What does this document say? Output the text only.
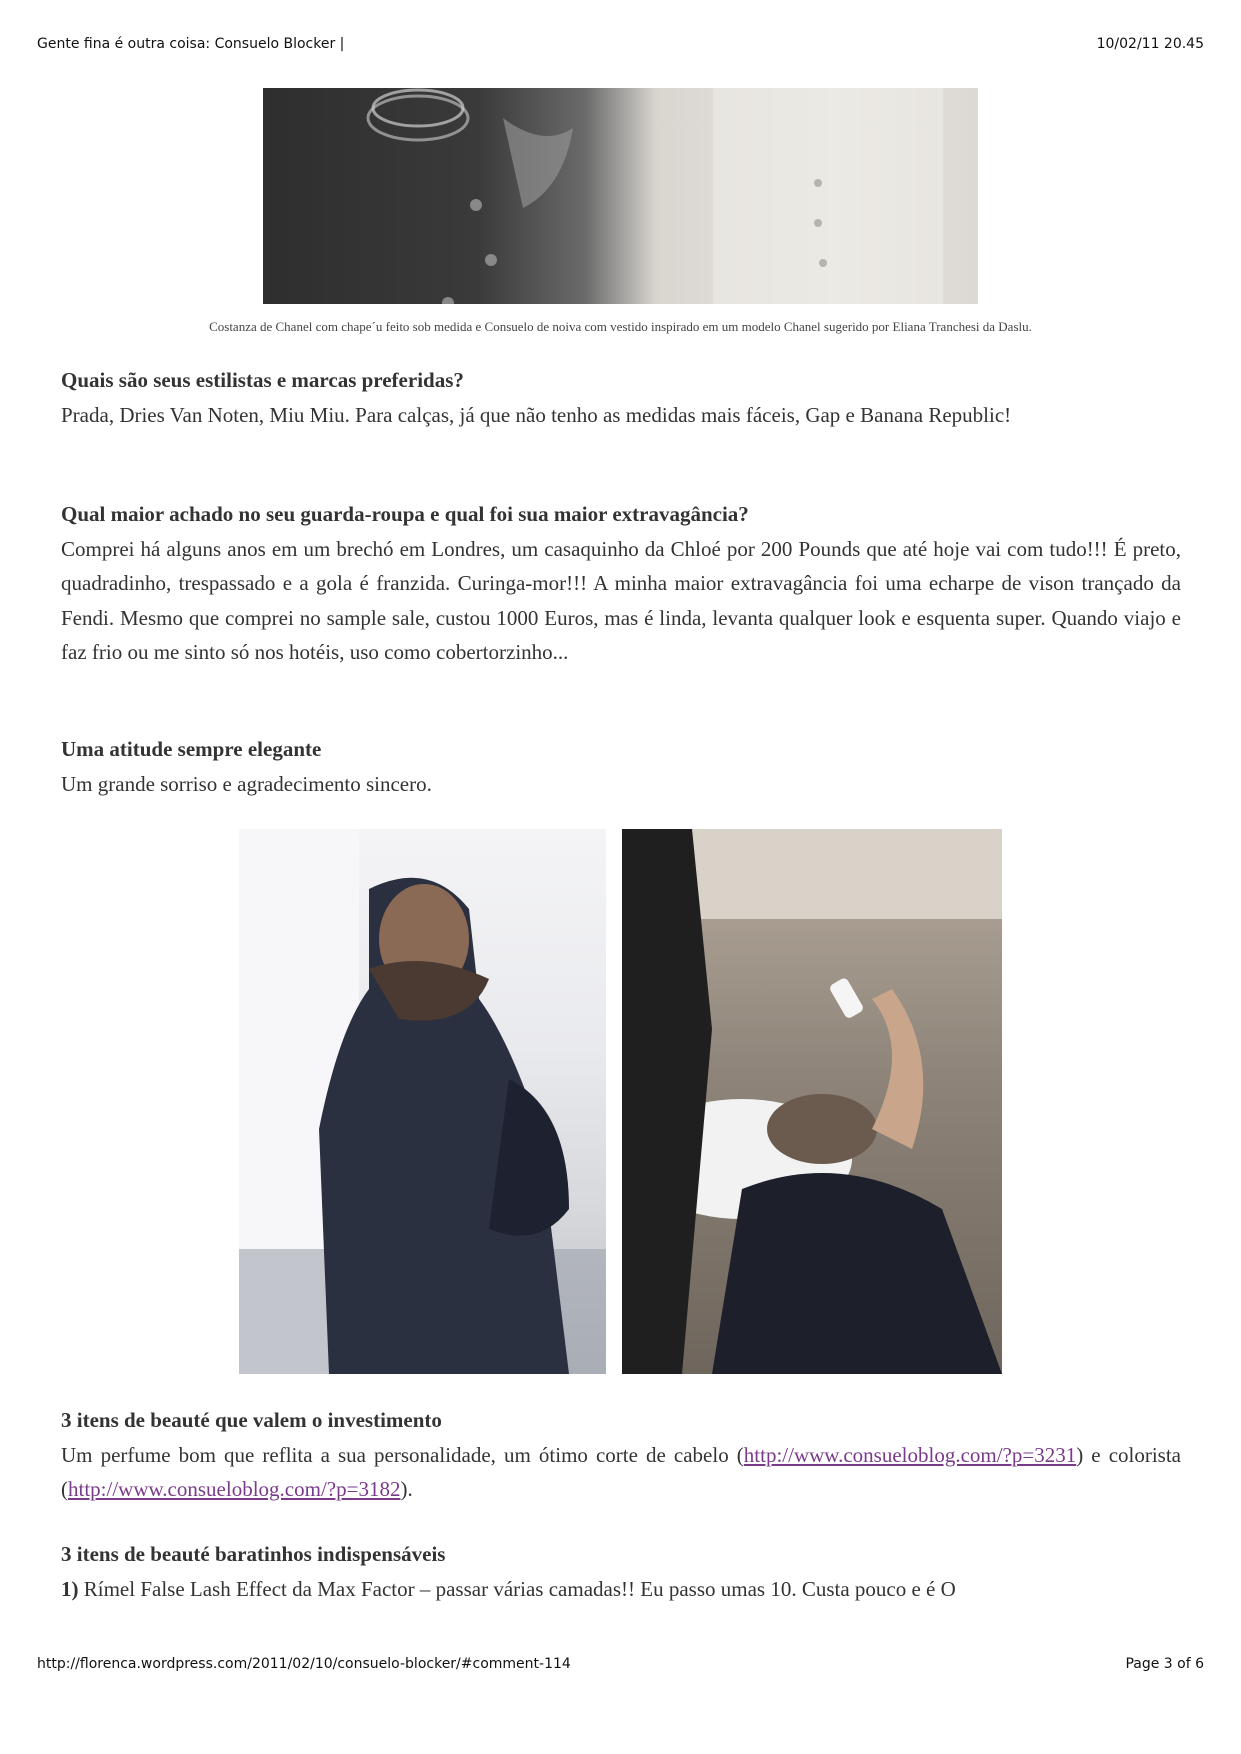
Gente fina é outra coisa: Consuelo Blocker |	10/02/11 20.45
Costanza de Chanel com chape´u feito sob medida e Consuelo de noiva com vestido inspirado em um modelo Chanel sugerido por Eliana Tranchesi da Daslu.

Quais são seus estilistas e marcas preferidas?

Prada, Dries Van Noten, Miu Miu. Para calças, já que não tenho as medidas mais fáceis, Gap e Banana Republic!

Qual maior achado no seu guarda-roupa e qual foi sua maior extravagância?

Comprei há alguns anos em um brechó em Londres, um casaquinho da Chloé por 200 Pounds que até hoje vai com tudo!!! É preto, quadradinho, trespassado e a gola é franzida. Curinga-mor!!! A minha maior extravagância foi uma echarpe de vison trançado da Fendi. Mesmo que comprei no sample sale, custou 1000 Euros, mas é linda, levanta qualquer look e esquenta super. Quando viajo e faz frio ou me sinto só nos hotéis, uso como cobertorzinho...

Uma atitude sempre elegante

Um grande sorriso e agradecimento sincero.

3 itens de beauté que valem o investimento

Um perfume bom que reflita a sua personalidade, um ótimo corte de cabelo (http://www.consueloblog.com/?p=3231) e colorista (http://www.consueloblog.com/?p=3182).

3 itens de beauté baratinhos indispensáveis

1) Rímel False Lash Effect da Max Factor – passar várias camadas!! Eu passo umas 10. Custa pouco e é O

http://florenca.wordpress.com/2011/02/10/consuelo-blocker/#comment-114	Page 3 of 6
